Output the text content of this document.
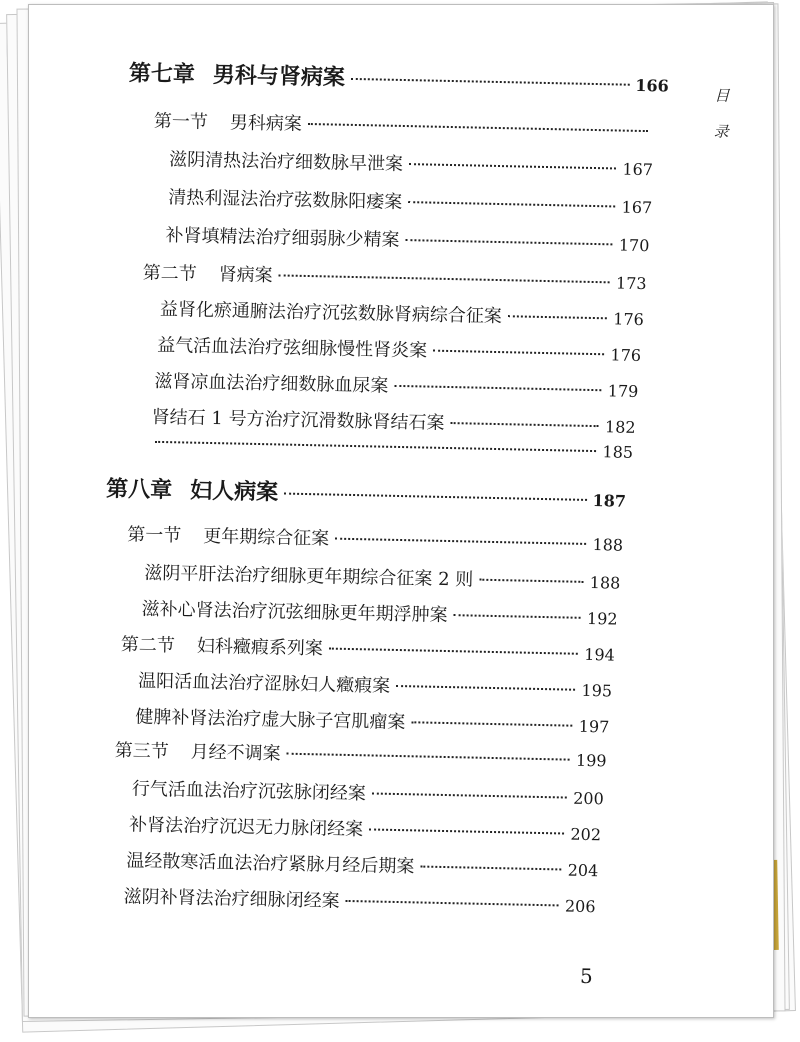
目
录
第七章 男科与肾病案	166
第一节 男科病案
滋阴清热法治疗细数脉早泄案	167
清热利湿法治疗弦数脉阳痿案	167
补肾填精法治疗细弱脉少精案	170
第二节 肾病案	173
益肾化瘀通腑法治疗沉弦数脉肾病综合征案	176
益气活血法治疗弦细脉慢性肾炎案	176
滋肾凉血法治疗细数脉血尿案	179
肾结石 1 号方治疗沉滑数脉肾结石案	182
185
第八章 妇人病案	187
第一节 更年期综合征案	188
滋阴平肝法治疗细脉更年期综合征案 2 则	188
滋补心肾法治疗沉弦细脉更年期浮肿案	192
第二节 妇科癥瘕系列案	194
温阳活血法治疗涩脉妇人癥瘕案	195
健脾补肾法治疗虚大脉子宫肌瘤案	197
第三节 月经不调案	199
行气活血法治疗沉弦脉闭经案	200
补肾法治疗沉迟无力脉闭经案	202
温经散寒活血法治疗紧脉月经后期案	204
滋阴补肾法治疗细脉闭经案	206
5
